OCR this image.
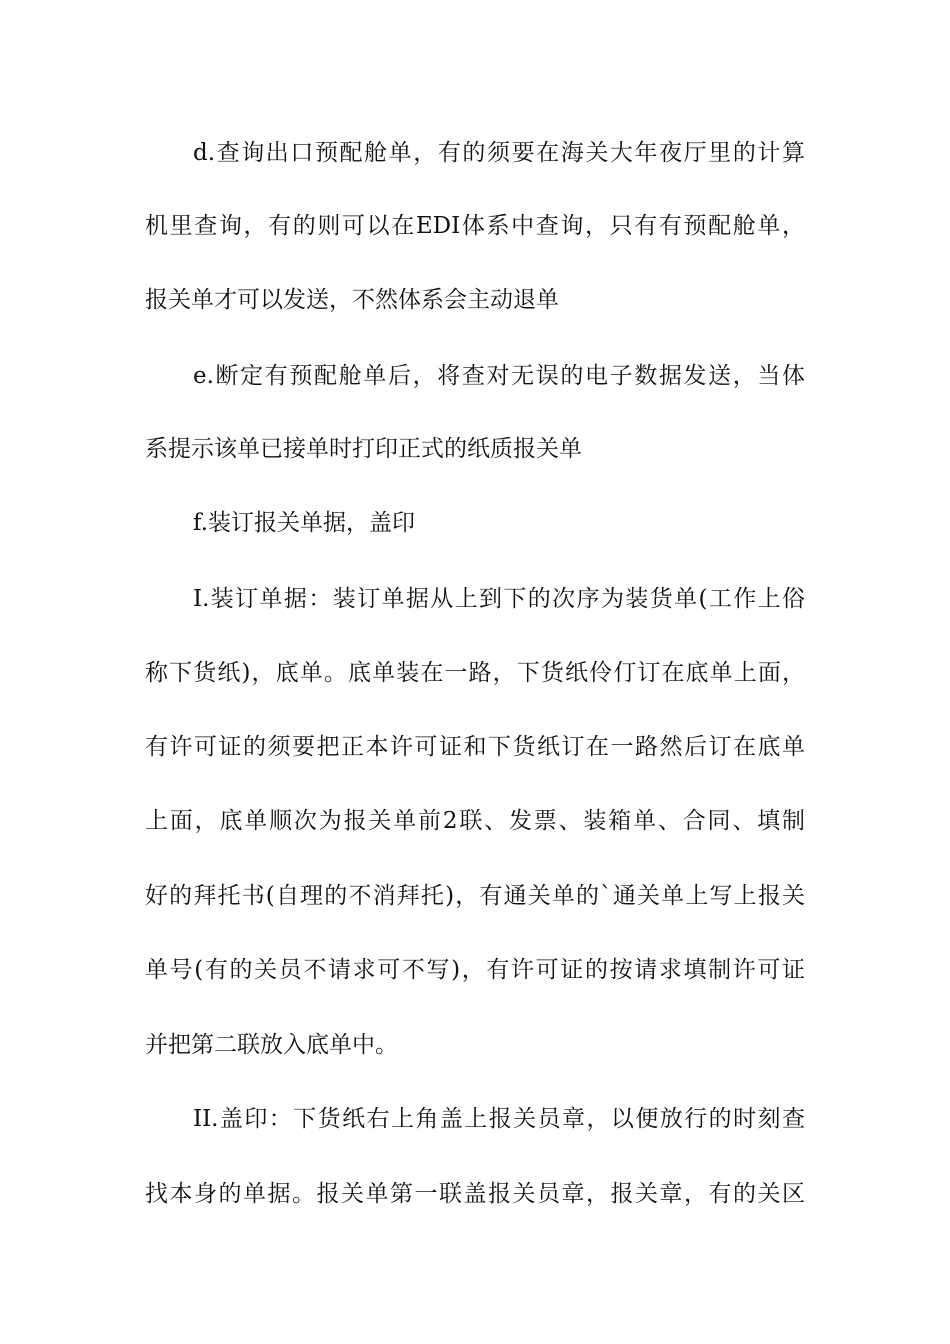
d.查询出口预配舱单，有的须要在海关大年夜厅里的计算
机里查询，有的则可以在EDI体系中查询，只有有预配舱单，
报关单才可以发送，不然体系会主动退单
e.断定有预配舱单后，将查对无误的电子数据发送，当体
系提示该单已接单时打印正式的纸质报关单
f.装订报关单据，盖印
I.装订单据：装订单据从上到下的次序为装货单(工作上俗
称下货纸)，底单。底单装在一路，下货纸伶仃订在底单上面，
有许可证的须要把正本许可证和下货纸订在一路然后订在底单
上面，底单顺次为报关单前2联、发票、装箱单、合同、填制
好的拜托书(自理的不消拜托)，有通关单的`通关单上写上报关
单号(有的关员不请求可不写)，有许可证的按请求填制许可证
并把第二联放入底单中。
II.盖印：下货纸右上角盖上报关员章，以便放行的时刻查
找本身的单据。报关单第一联盖报关员章，报关章，有的关区
